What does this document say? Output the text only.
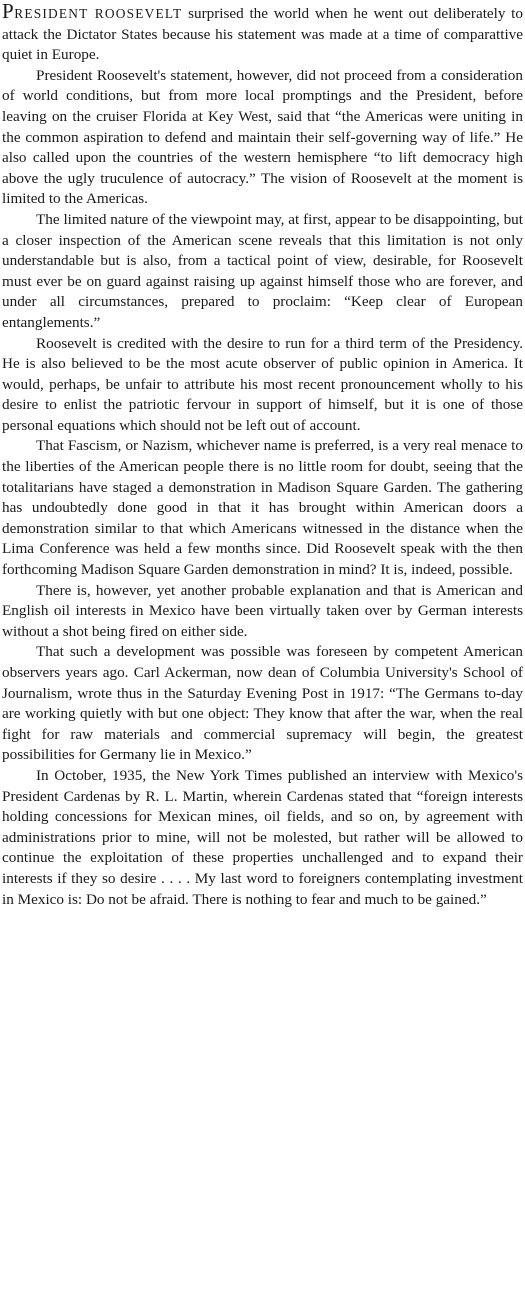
PRESIDENT ROOSEVELT surprised the world when he went out deliberately to attack the Dictator States because his statement was made at a time of comparattive quiet in Europe.

President Roosevelt's statement, however, did not proceed from a consideration of world conditions, but from more local promptings and the President, before leaving on the cruiser Florida at Key West, said that “the Americas were uniting in the common aspiration to defend and maintain their self-governing way of life.” He also called upon the countries of the western hemisphere “to lift democracy high above the ugly truculence of autocracy.” The vision of Roosevelt at the moment is limited to the Americas.

The limited nature of the viewpoint may, at first, appear to be disappointing, but a closer inspection of the American scene reveals that this limitation is not only understandable but is also, from a tactical point of view, desirable, for Roosevelt must ever be on guard against raising up against himself those who are forever, and under all circumstances, prepared to proclaim: “Keep clear of European entanglements.”

Roosevelt is credited with the desire to run for a third term of the Presidency. He is also believed to be the most acute observer of public opinion in America. It would, perhaps, be unfair to attribute his most recent pronouncement wholly to his desire to enlist the patriotic fervour in support of himself, but it is one of those personal equations which should not be left out of account.

That Fascism, or Nazism, whichever name is preferred, is a very real menace to the liberties of the American people there is no little room for doubt, seeing that the totalitarians have staged a demonstration in Madison Square Garden. The gathering has undoubtedly done good in that it has brought within American doors a demonstration similar to that which Americans witnessed in the distance when the Lima Conference was held a few months since. Did Roosevelt speak with the then forthcoming Madison Square Garden demonstration in mind? It is, indeed, possible.

There is, however, yet another probable explanation and that is American and English oil interests in Mexico have been virtually taken over by German interests without a shot being fired on either side.

That such a development was possible was foreseen by competent American observers years ago. Carl Ackerman, now dean of Columbia University's School of Journalism, wrote thus in the Saturday Evening Post in 1917: “The Germans to-day are working quietly with but one object: They know that after the war, when the real fight for raw materials and commercial supremacy will begin, the greatest possibilities for Germany lie in Mexico.”

In October, 1935, the New York Times published an interview with Mexico's President Cardenas by R. L. Martin, wherein Cardenas stated that “foreign interests holding concessions for Mexican mines, oil fields, and so on, by agreement with administrations prior to mine, will not be molested, but rather will be allowed to continue the exploitation of these properties unchallenged and to expand their interests if they so desire . . . . My last word to foreigners contemplating investment in Mexico is: Do not be afraid. There is nothing to fear and much to be gained.”
